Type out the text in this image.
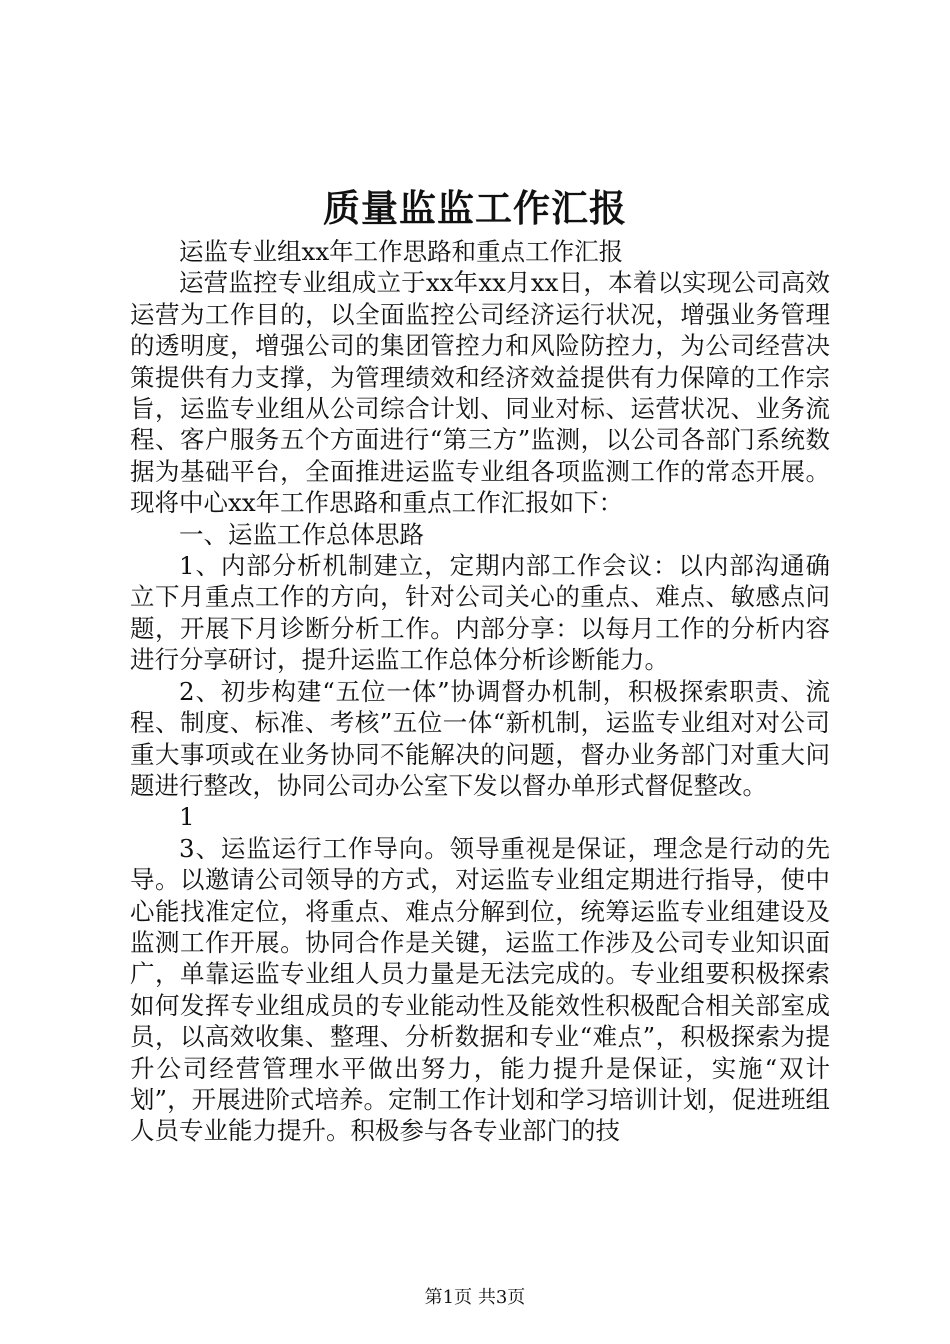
质量监监工作汇报

运监专业组xx年工作思路和重点工作汇报

运营监控专业组成立于xx年xx月xx日，本着以实现公司高效运营为工作目的，以全面监控公司经济运行状况，增强业务管理的透明度，增强公司的集团管控力和风险防控力，为公司经营决策提供有力支撑，为管理绩效和经济效益提供有力保障的工作宗旨，运监专业组从公司综合计划、同业对标、运营状况、业务流程、客户服务五个方面进行“第三方”监测，以公司各部门系统数据为基础平台，全面推进运监专业组各项监测工作的常态开展。现将中心xx年工作思路和重点工作汇报如下：

一、运监工作总体思路

1、内部分析机制建立，定期内部工作会议：以内部沟通确立下月重点工作的方向，针对公司关心的重点、难点、敏感点问题，开展下月诊断分析工作。内部分享：以每月工作的分析内容进行分享研讨，提升运监工作总体分析诊断能力。

2、初步构建“五位一体”协调督办机制，积极探索职责、流程、制度、标准、考核”五位一体“新机制，运监专业组对对公司重大事项或在业务协同不能解决的问题，督办业务部门对重大问题进行整改，协同公司办公室下发以督办单形式督促整改。

1

3、运监运行工作导向。领导重视是保证，理念是行动的先导。以邀请公司领导的方式，对运监专业组定期进行指导，使中心能找准定位，将重点、难点分解到位，统筹运监专业组建设及监测工作开展。协同合作是关键，运监工作涉及公司专业知识面广，单靠运监专业组人员力量是无法完成的。专业组要积极探索如何发挥专业组成员的专业能动性及能效性积极配合相关部室成员，以高效收集、整理、分析数据和专业“难点”，积极探索为提升公司经营管理水平做出努力，能力提升是保证，实施“双计划”，开展进阶式培养。定制工作计划和学习培训计划，促进班组人员专业能力提升。积极参与各专业部门的技

第1页 共3页
